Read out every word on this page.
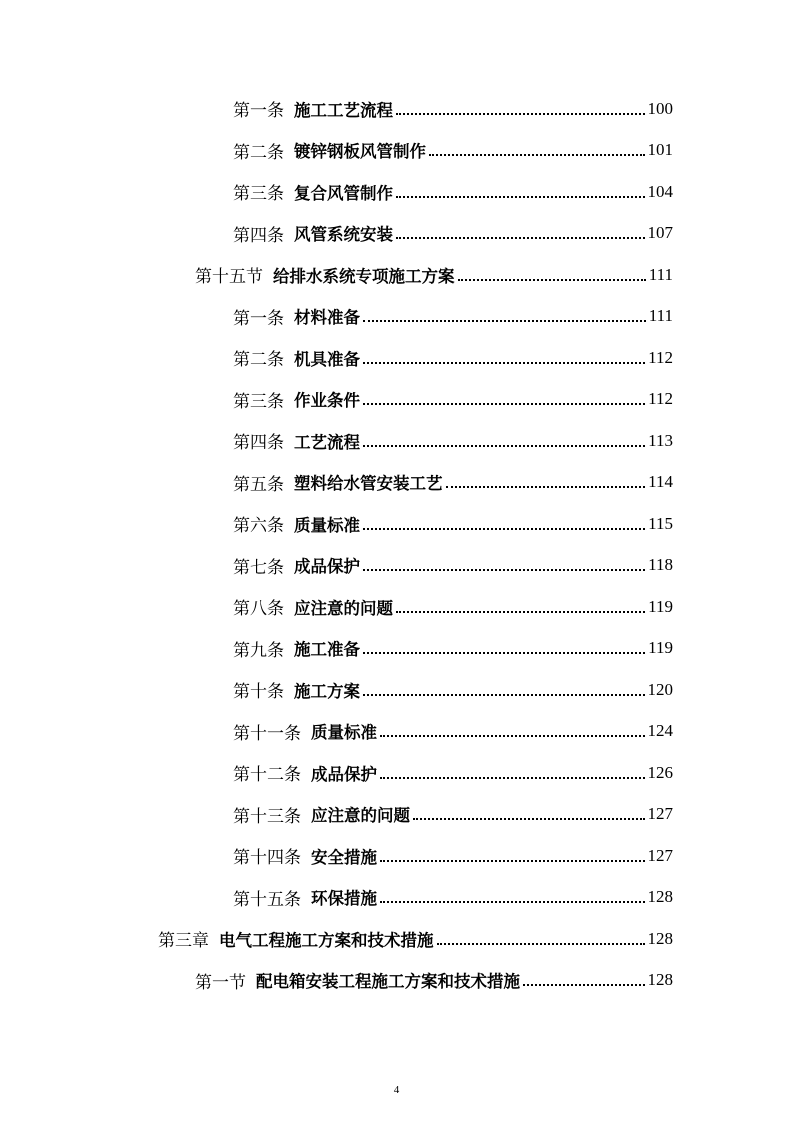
第一条 施工工艺流程	100
第二条 镀锌钢板风管制作	101
第三条 复合风管制作	104
第四条 风管系统安装	107
第十五节 给排水系统专项施工方案	111
第一条 材料准备	111
第二条 机具准备	112
第三条 作业条件	112
第四条 工艺流程	113
第五条 塑料给水管安装工艺	114
第六条 质量标准	115
第七条 成品保护	118
第八条 应注意的问题	119
第九条 施工准备	119
第十条 施工方案	120
第十一条 质量标准	124
第十二条 成品保护	126
第十三条 应注意的问题	127
第十四条 安全措施	127
第十五条 环保措施	128
第三章 电气工程施工方案和技术措施	128
第一节 配电箱安装工程施工方案和技术措施	128
4
